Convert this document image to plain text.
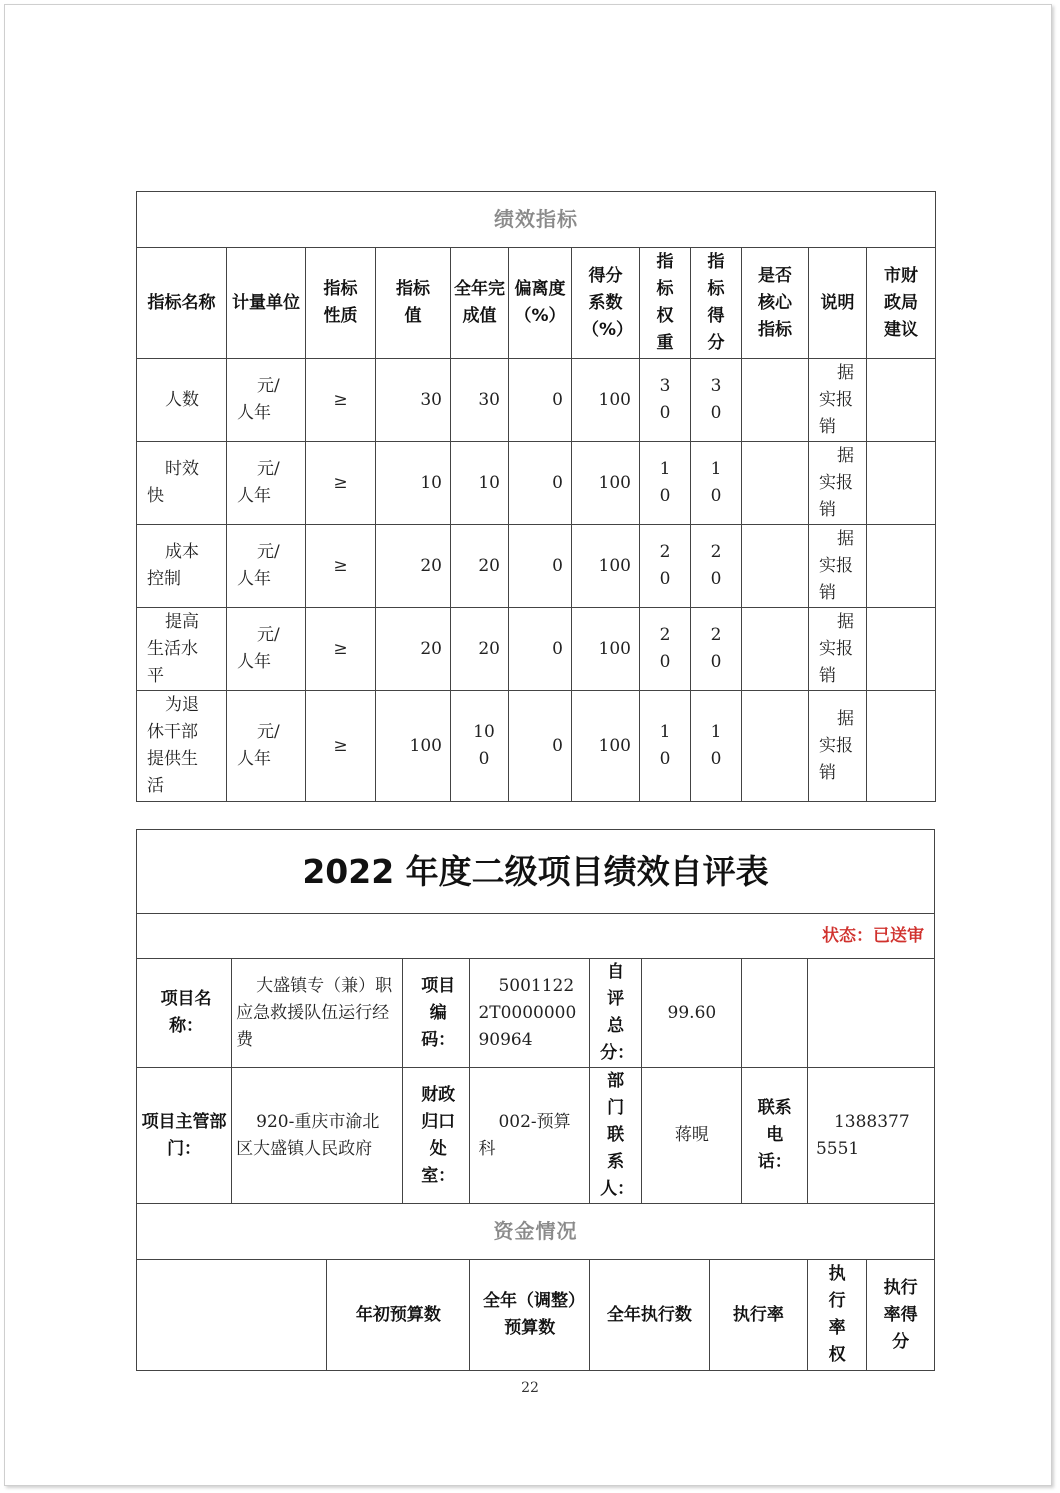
绩效指标											
指标名称	计量单位	指标性质	指标值	全年完成值	偏离度（%）	得分系数（%）	指标权重	指标得分	是否核心指标	说明	市财政局建议
人数	元/人年	≥	30	30	0	100	30	30		据实报销	
时效快	元/人年	≥	10	10	0	100	10	10		据实报销	
成本控制	元/人年	≥	20	20	0	100	20	20		据实报销	
提高生活水平	元/人年	≥	20	20	0	100	20	20		据实报销	
为退休干部提供生活	元/人年	≥	100	100	0	100	10	10		据实报销	
2022 年度二级项目绩效自评表										
状态：已送审										
项目名称：	大盛镇专（兼）职应急救援队伍运行经费		项目编码：	50011222T000000090964	自评总分：	99.60				
项目主管部门：	920-重庆市渝北区大盛镇人民政府		财政归口处室：	002-预算科	部门联系人：	蒋晛		联系电话：	13883775551	
资金情况										
		年初预算数		全年（调整）预算数	全年执行数		执行率		执行率权	执行率得分
22
